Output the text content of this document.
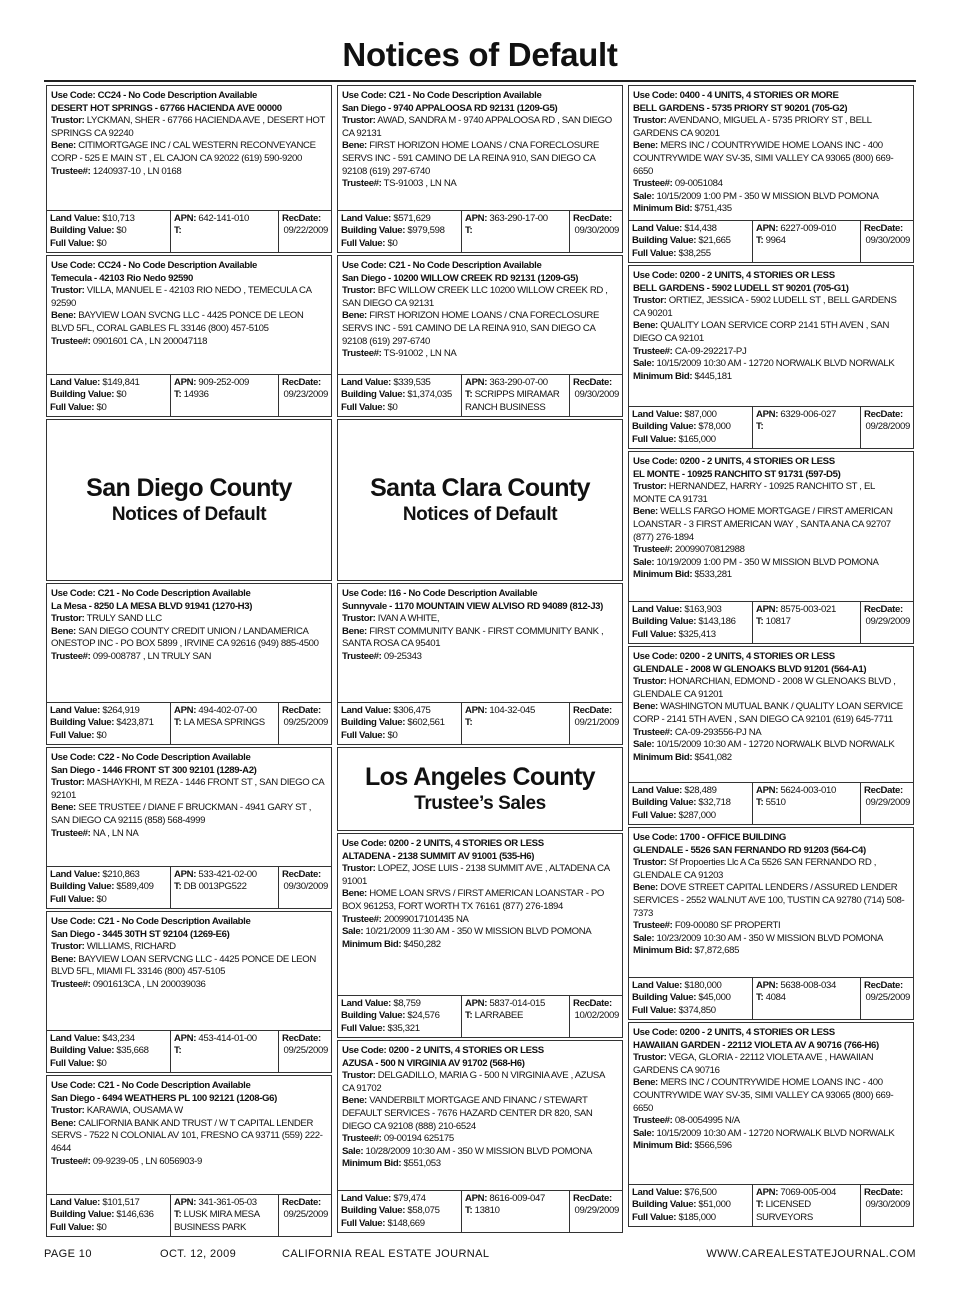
Notices of Default
Use Code: CC24 - No Code Description Available
DESERT HOT SPRINGS - 67766 HACIENDA AVE 00000
Trustor: LYCKMAN, SHER - 67766 HACIENDA AVE , DESERT HOT SPRINGS CA 92240
Bene: CITIMORTGAGE INC / CAL WESTERN RECONVEYANCE CORP - 525 E MAIN ST , EL CAJON CA 92022 (619) 590-9200
Trustee#: 1240937-10 , LN 0168
Land Value: $10,713
Building Value: $0
Full Value: $0
APN: 642-141-010
T:
RecDate:
09/22/2009
Use Code: CC24 - No Code Description Available
Temecula - 42103 Rio Nedo 92590
Trustor: VILLA, MANUEL E - 42103 RIO NEDO , TEMECULA CA 92590
Bene: BAYVIEW LOAN SVCNG LLC - 4425 PONCE DE LEON BLVD 5FL, CORAL GABLES FL 33146 (800) 457-5105
Trustee#: 0901601 CA , LN 200047118
Land Value: $149,841
Building Value: $0
Full Value: $0
APN: 909-252-009
T: 14936
RecDate:
09/23/2009
San Diego County
Notices of Default
Use Code: C21 - No Code Description Available
La Mesa - 8250 LA MESA BLVD 91941 (1270-H3)
Trustor: TRULY SAND LLC
Bene: SAN DIEGO COUNTY CREDIT UNION / LANDAMERICA ONESTOP INC - PO BOX 5899 , IRVINE CA 92616 (949) 885-4500
Trustee#: 099-008787 , LN TRULY SAN
Land Value: $264,919
Building Value: $423,871
Full Value: $0
APN: 494-402-07-00
T: LA MESA SPRINGS
RecDate:
09/25/2009
Use Code: C22 - No Code Description Available
San Diego - 1446 FRONT ST 300 92101 (1289-A2)
Trustor: MASHAYKHI, M REZA - 1446 FRONT ST , SAN DIEGO CA 92101
Bene: SEE TRUSTEE / DIANE F BRUCKMAN - 4941 GARY ST , SAN DIEGO CA 92115 (858) 568-4999
Trustee#: NA , LN NA
Land Value: $210,863
Building Value: $589,409
Full Value: $0
APN: 533-421-02-00
T: DB 0013PG522
RecDate:
09/30/2009
Use Code: C21 - No Code Description Available
San Diego - 3445 30TH ST 92104 (1269-E6)
Trustor: WILLIAMS, RICHARD
Bene: BAYVIEW LOAN SERVCNG LLC - 4425 PONCE DE LEON BLVD 5FL, MIAMI FL 33146 (800) 457-5105
Trustee#: 0901613CA , LN 200039036
Land Value: $43,234
Building Value: $35,668
Full Value: $0
APN: 453-414-01-00
T:
RecDate:
09/25/2009
Use Code: C21 - No Code Description Available
San Diego - 6494 WEATHERS PL 100 92121 (1208-G6)
Trustor: KARAWIA, OUSAMA W
Bene: CALIFORNIA BANK AND TRUST / W T CAPITAL LENDER SERVS - 7522 N COLONIAL AV 101, FRESNO CA 93711 (559) 222-4644
Trustee#: 09-9239-05 , LN 6056903-9
Land Value: $101,517
Building Value: $146,636
Full Value: $0
APN: 341-361-05-03
T: LUSK MIRA MESA BUSINESS PARK
RecDate:
09/25/2009
Use Code: C21 - No Code Description Available
San Diego - 9740 APPALOOSA RD 92131 (1209-G5)
Trustor: AWAD, SANDRA M - 9740 APPALOOSA RD , SAN DIEGO CA 92131
Bene: FIRST HORIZON HOME LOANS / CNA FORECLOSURE SERVS INC - 591 CAMINO DE LA REINA 910, SAN DIEGO CA 92108 (619) 297-6740
Trustee#: TS-91003 , LN NA
Land Value: $571,629
Building Value: $979,598
Full Value: $0
APN: 363-290-17-00
T:
RecDate:
09/30/2009
Use Code: C21 - No Code Description Available
San Diego - 10200 WILLOW CREEK RD 92131 (1209-G5)
Trustor: BFC WILLOW CREEK LLC 10200 WILLOW CREEK RD , SAN DIEGO CA 92131
Bene: FIRST HORIZON HOME LOANS / CNA FORECLOSURE SERVS INC - 591 CAMINO DE LA REINA 910, SAN DIEGO CA 92108 (619) 297-6740
Trustee#: TS-91002 , LN NA
Land Value: $339,535
Building Value: $1,374,035
Full Value: $0
APN: 363-290-07-00
T: SCRIPPS MIRAMAR RANCH BUSINESS
RecDate:
09/30/2009
Santa Clara County
Notices of Default
Use Code: I16 - No Code Description Available
Sunnyvale - 1170 MOUNTAIN VIEW ALVISO RD 94089 (812-J3)
Trustor: IVAN A WHITE,
Bene: FIRST COMMUNITY BANK - FIRST COMMUNITY BANK , SANTA ROSA CA 95401
Trustee#: 09-25343
Land Value: $306,475
Building Value: $602,561
Full Value: $0
APN: 104-32-045
T:
RecDate:
09/21/2009
Los Angeles County
Trustee’s Sales
Use Code: 0200 - 2 UNITS, 4 STORIES OR LESS
ALTADENA - 2138 SUMMIT AV 91001 (535-H6)
Trustor: LOPEZ, JOSE LUIS - 2138 SUMMIT AVE , ALTADENA CA 91001
Bene: HOME LOAN SRVS / FIRST AMERICAN LOANSTAR - PO BOX 961253, FORT WORTH TX 76161 (877) 276-1894
Trustee#: 20099017101435 NA
Sale: 10/21/2009 11:30 AM - 350 W MISSION BLVD POMONA
Minimum Bid: $450,282
Land Value: $8,759
Building Value: $24,576
Full Value: $35,321
APN: 5837-014-015
T: LARRABEE
RecDate:
10/02/2009
Use Code: 0200 - 2 UNITS, 4 STORIES OR LESS
AZUSA - 500 N VIRGINIA AV 91702 (568-H6)
Trustor: DELGADILLO, MARIA G - 500 N VIRGINIA AVE , AZUSA CA 91702
Bene: VANDERBILT MORTGAGE AND FINANC / STEWART DEFAULT SERVICES - 7676 HAZARD CENTER DR 820, SAN DIEGO CA 92108 (888) 210-6524
Trustee#: 09-00194 625175
Sale: 10/28/2009 10:30 AM - 350 W MISSION BLVD POMONA
Minimum Bid: $551,053
Land Value: $79,474
Building Value: $58,075
Full Value: $148,669
APN: 8616-009-047
T: 13810
RecDate:
09/29/2009
Use Code: 0400 - 4 UNITS, 4 STORIES OR MORE
BELL GARDENS - 5735 PRIORY ST 90201 (705-G2)
Trustor: AVENDANO, MIGUEL A - 5735 PRIORY ST , BELL GARDENS CA 90201
Bene: MERS INC / COUNTRYWIDE HOME LOANS INC - 400 COUNTRYWIDE WAY SV-35, SIMI VALLEY CA 93065 (800) 669-6650
Trustee#: 09-0051084
Sale: 10/15/2009 1:00 PM - 350 W MISSION BLVD POMONA
Minimum Bid: $751,435
Land Value: $14,438
Building Value: $21,665
Full Value: $38,255
APN: 6227-009-010
T: 9964
RecDate:
09/30/2009
Use Code: 0200 - 2 UNITS, 4 STORIES OR LESS
BELL GARDENS - 5902 LUDELL ST 90201 (705-G1)
Trustor: ORTIEZ, JESSICA - 5902 LUDELL ST , BELL GARDENS CA 90201
Bene: QUALITY LOAN SERVICE CORP 2141 5TH AVEN , SAN DIEGO CA 92101
Trustee#: CA-09-292217-PJ
Sale: 10/15/2009 10:30 AM - 12720 NORWALK BLVD NORWALK
Minimum Bid: $445,181
Land Value: $87,000
Building Value: $78,000
Full Value: $165,000
APN: 6329-006-027
T:
RecDate:
09/28/2009
Use Code: 0200 - 2 UNITS, 4 STORIES OR LESS
EL MONTE - 10925 RANCHITO ST 91731 (597-D5)
Trustor: HERNANDEZ, HARRY - 10925 RANCHITO ST , EL MONTE CA 91731
Bene: WELLS FARGO HOME MORTGAGE / FIRST AMERICAN LOANSTAR - 3 FIRST AMERICAN WAY , SANTA ANA CA 92707 (877) 276-1894
Trustee#: 20099070812988
Sale: 10/19/2009 1:00 PM - 350 W MISSION BLVD POMONA
Minimum Bid: $533,281
Land Value: $163,903
Building Value: $143,186
Full Value: $325,413
APN: 8575-003-021
T: 10817
RecDate:
09/29/2009
Use Code: 0200 - 2 UNITS, 4 STORIES OR LESS
GLENDALE - 2008 W GLENOAKS BLVD 91201 (564-A1)
Trustor: HONARCHIAN, EDMOND - 2008 W GLENOAKS BLVD , GLENDALE CA 91201
Bene: WASHINGTON MUTUAL BANK / QUALITY LOAN SERVICE CORP - 2141 5TH AVEN , SAN DIEGO CA 92101 (619) 645-7711
Trustee#: CA-09-293556-PJ NA
Sale: 10/15/2009 10:30 AM - 12720 NORWALK BLVD NORWALK
Minimum Bid: $541,082
Land Value: $28,489
Building Value: $32,718
Full Value: $287,000
APN: 5624-003-010
T: 5510
RecDate:
09/29/2009
Use Code: 1700 - OFFICE BUILDING
GLENDALE - 5526 SAN FERNANDO RD 91203 (564-C4)
Trustor: Sf Propoerties Llc A Ca 5526 SAN FERNANDO RD , GLENDALE CA 91203
Bene: DOVE STREET CAPITAL LENDERS / ASSURED LENDER SERVICES - 2552 WALNUT AVE 100, TUSTIN CA 92780 (714) 508-7373
Trustee#: F09-00080 SF PROPERTI
Sale: 10/23/2009 10:30 AM - 350 W MISSION BLVD POMONA
Minimum Bid: $7,872,685
Land Value: $180,000
Building Value: $45,000
Full Value: $374,850
APN: 5638-008-034
T: 4084
RecDate:
09/25/2009
Use Code: 0200 - 2 UNITS, 4 STORIES OR LESS
HAWAIIAN GARDEN - 22112 VIOLETA AV A 90716 (766-H6)
Trustor: VEGA, GLORIA - 22112 VIOLETA AVE , HAWAIIAN GARDENS CA 90716
Bene: MERS INC / COUNTRYWIDE HOME LOANS INC - 400 COUNTRYWIDE WAY SV-35, SIMI VALLEY CA 93065 (800) 669-6650
Trustee#: 08-0054995 N/A
Sale: 10/15/2009 10:30 AM - 12720 NORWALK BLVD NORWALK
Minimum Bid: $566,596
Land Value: $76,500
Building Value: $51,000
Full Value: $185,000
APN: 7069-005-004
T: LICENSED SURVEYORS
RecDate:
09/30/2009
PAGE 10	OCT. 12, 2009	CALIFORNIA REAL ESTATE JOURNAL	WWW.CAREALESTATEJOURNAL.COM
